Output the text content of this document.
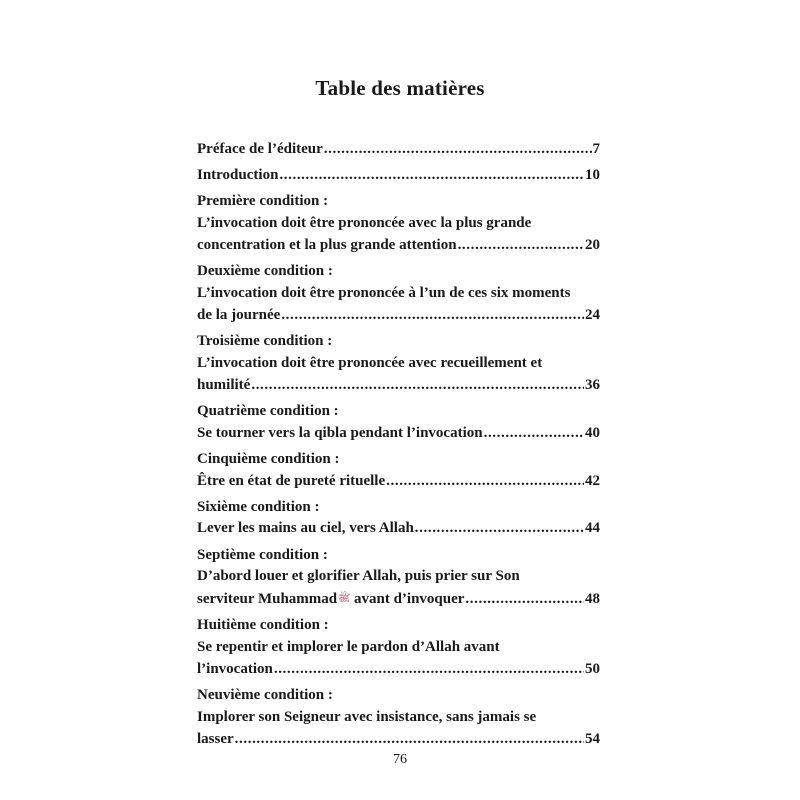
Table des matières
Préface de l’éditeur .....	7
Introduction .....	10
Première condition :
L’invocation doit être prononcée avec la plus grande
concentration et la plus grande attention .....	20
Deuxième condition :
L’invocation doit être prononcée à l’un de ces six moments
de la journée .....	24
Troisième condition :
L’invocation doit être prononcée avec recueillement et
humilité .....	36
Quatrième condition :
Se tourner vers la qibla pendant l’invocation .....	40
Cinquième condition :
Être en état de pureté rituelle .....	42
Sixième condition :
Lever les mains au ciel, vers Allah .....	44
Septième condition :
D’abord louer et glorifier Allah, puis prier sur Son
serviteur Muhammadﷺ avant d’invoquer .....	48
Huitième condition :
Se repentir et implorer le pardon d’Allah avant
l’invocation .....	50
Neuvième condition :
Implorer son Seigneur avec insistance, sans jamais se
lasser .....	54
76
